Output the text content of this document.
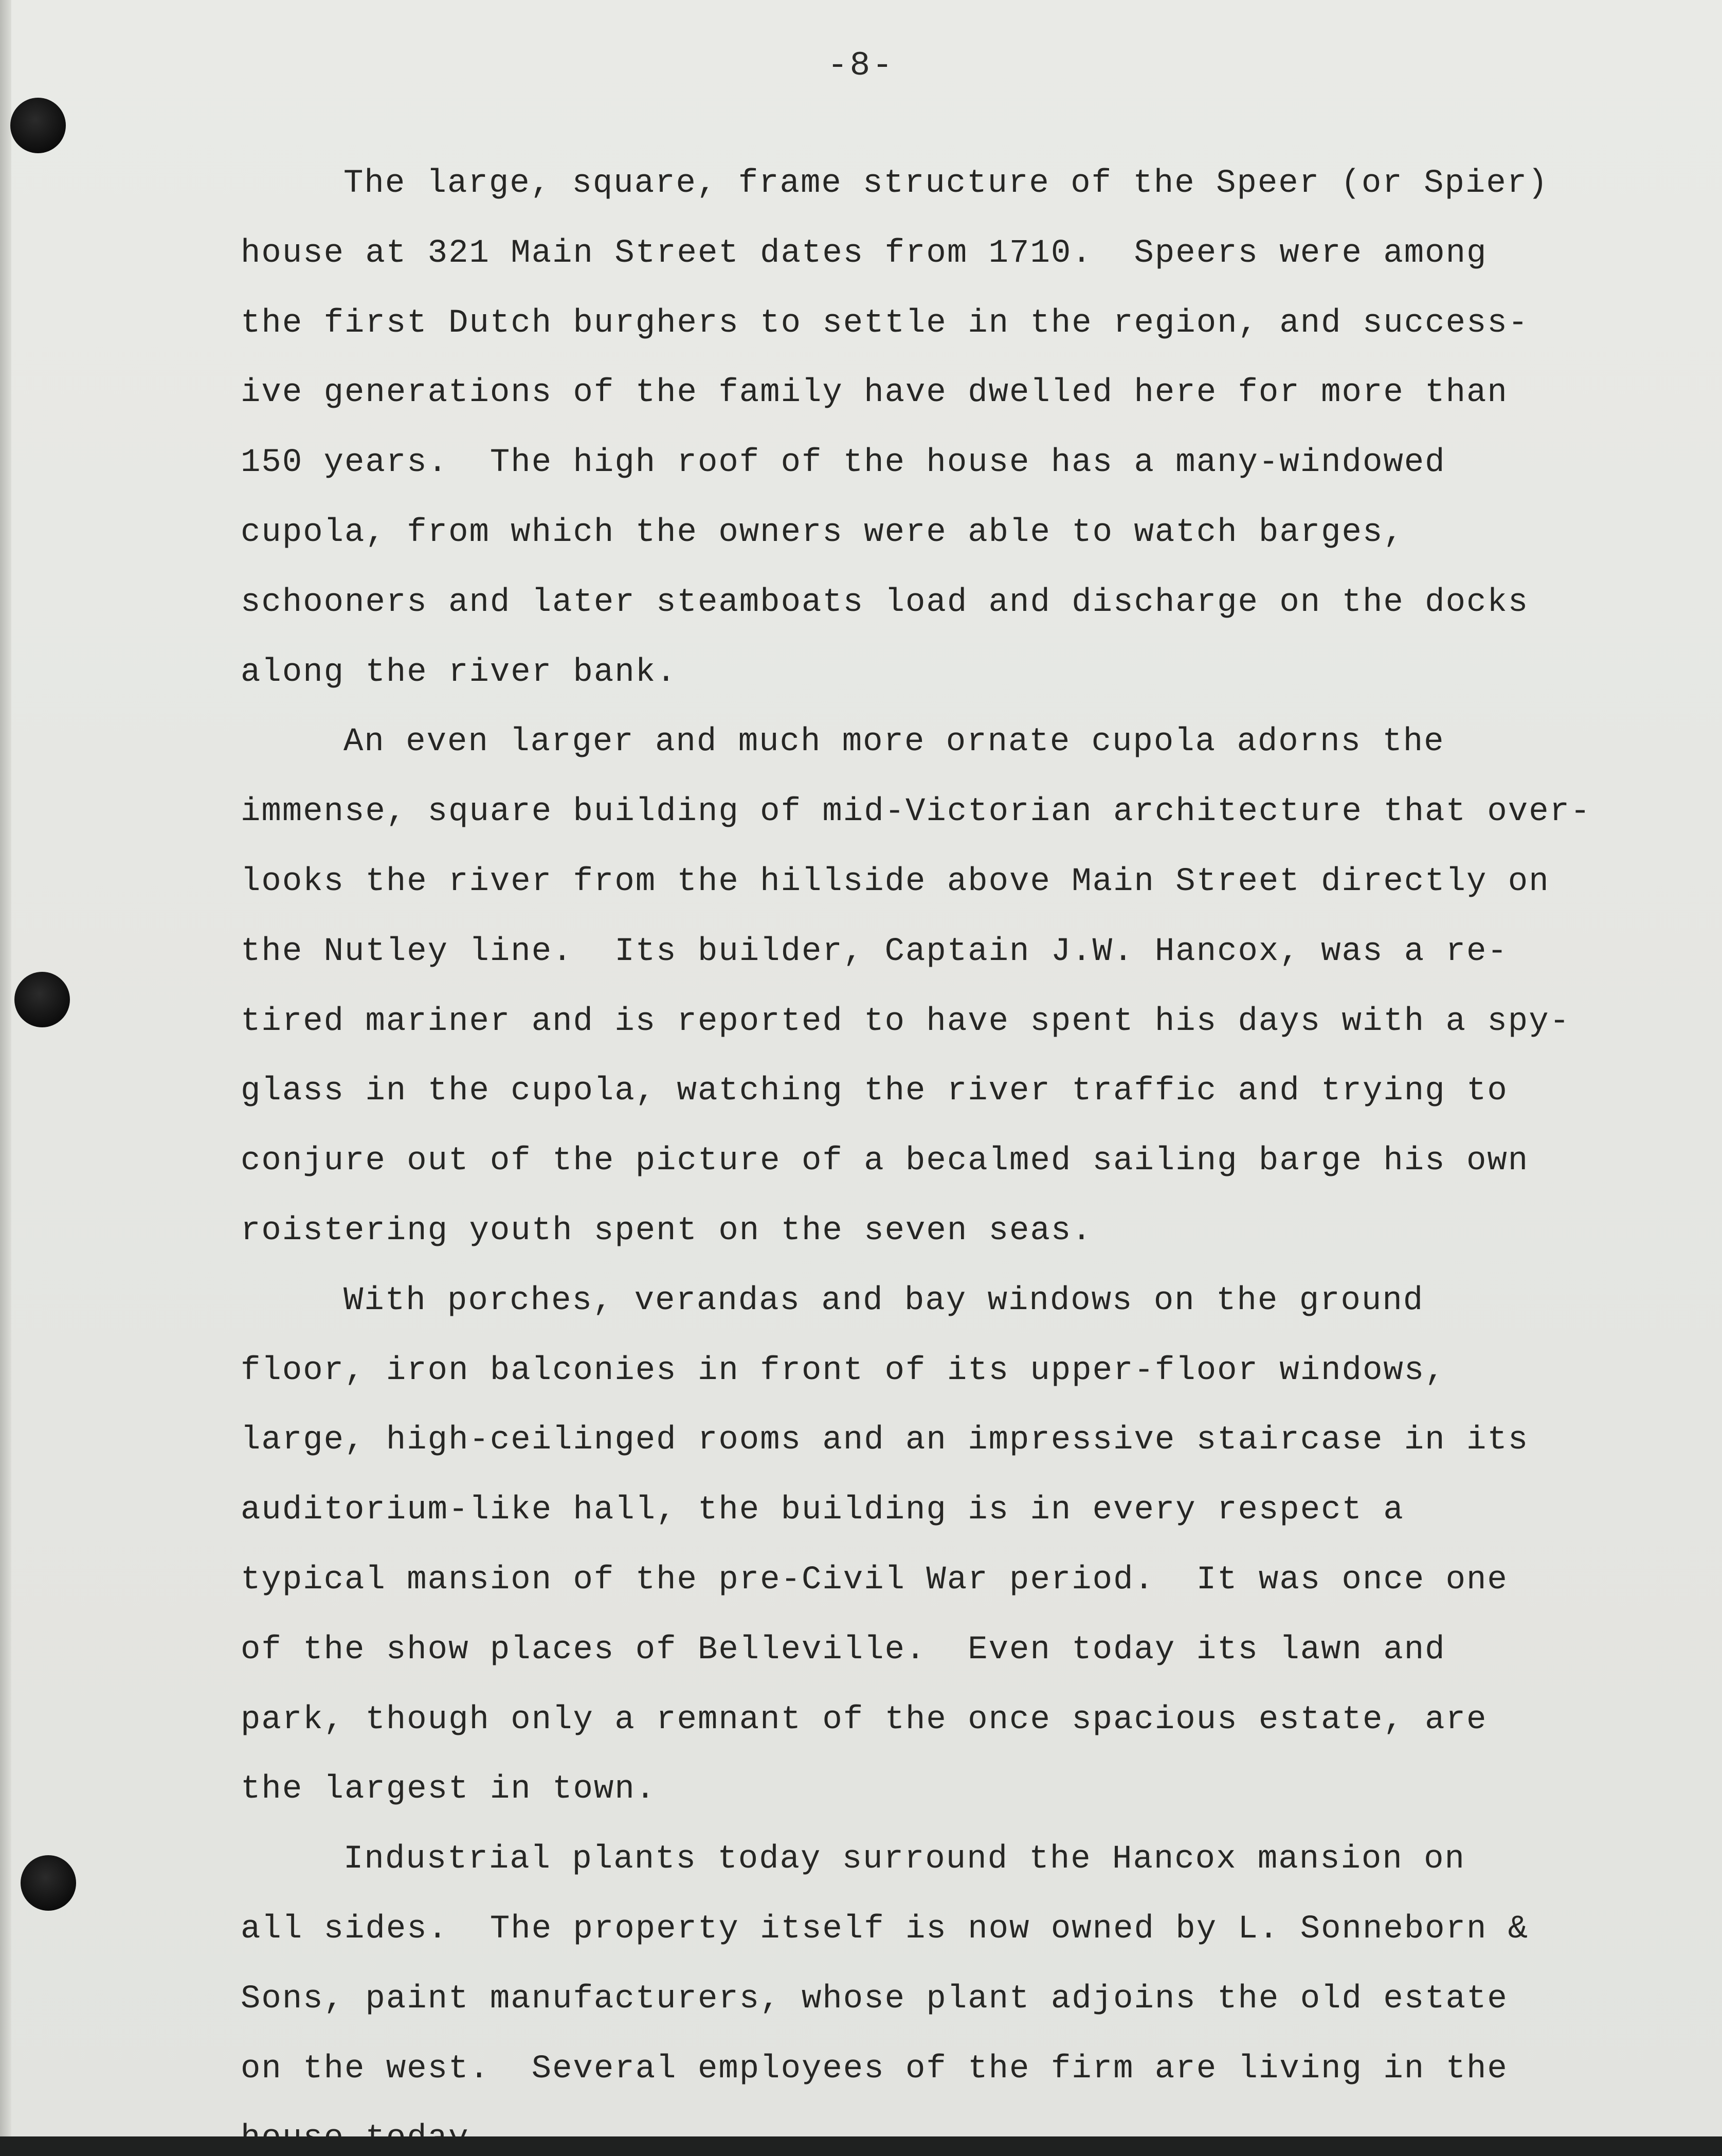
-8-
The large, square, frame structure of the Speer (or Spier)
house at 321 Main Street dates from 1710.  Speers were among
the first Dutch burghers to settle in the region, and success-
ive generations of the family have dwelled here for more than
150 years.  The high roof of the house has a many-windowed
cupola, from which the owners were able to watch barges,
schooners and later steamboats load and discharge on the docks
along the river bank.
An even larger and much more ornate cupola adorns the
immense, square building of mid-Victorian architecture that over-
looks the river from the hillside above Main Street directly on
the Nutley line.  Its builder, Captain J.W. Hancox, was a re-
tired mariner and is reported to have spent his days with a spy-
glass in the cupola, watching the river traffic and trying to
conjure out of the picture of a becalmed sailing barge his own
roistering youth spent on the seven seas.
With porches, verandas and bay windows on the ground
floor, iron balconies in front of its upper-floor windows,
large, high-ceilinged rooms and an impressive staircase in its
auditorium-like hall, the building is in every respect a
typical mansion of the pre-Civil War period.  It was once one
of the show places of Belleville.  Even today its lawn and
park, though only a remnant of the once spacious estate, are
the largest in town.
Industrial plants today surround the Hancox mansion on
all sides.  The property itself is now owned by L. Sonneborn &
Sons, paint manufacturers, whose plant adjoins the old estate
on the west.  Several employees of the firm are living in the
